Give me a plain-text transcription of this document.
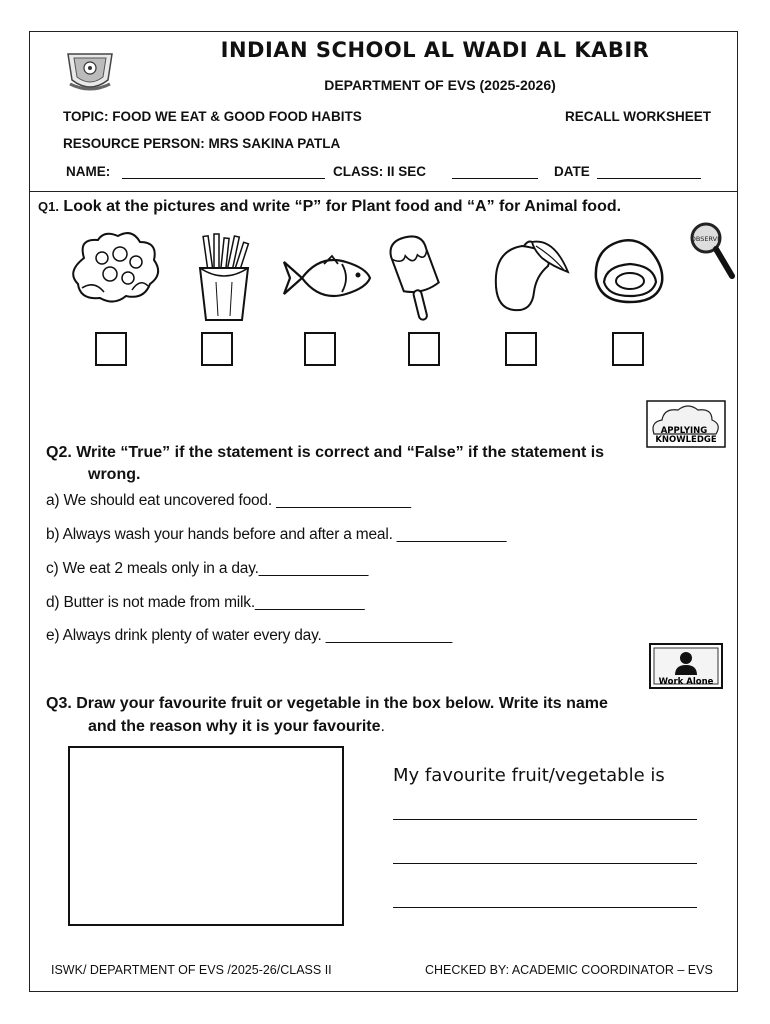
INDIAN SCHOOL AL WADI AL KABIR
DEPARTMENT OF EVS (2025-2026)
TOPIC: FOOD WE EAT & GOOD FOOD HABITS	RECALL WORKSHEET
RESOURCE PERSON: MRS SAKINA PATLA
NAME:	CLASS: II SEC	DATE
Q1. Look at the pictures and write “P” for Plant food and “A” for Animal food.
OBSERVE
APPLYING
KNOWLEDGE
Q2. Write “True” if the statement is correct and “False” if the statement is
wrong.
a) We should eat uncovered food. ________________
b) Always wash your hands before and after a meal. _____________
c) We eat 2 meals only in a day._____________
d) Butter is not made from milk._____________
e) Always drink plenty of water every day. _______________
Work Alone
Q3. Draw your favourite fruit or vegetable in the box below. Write its name
and the reason why it is your favourite.
My favourite fruit/vegetable is
ISWK/ DEPARTMENT OF EVS /2025-26/CLASS II	CHECKED BY: ACADEMIC COORDINATOR – EVS
